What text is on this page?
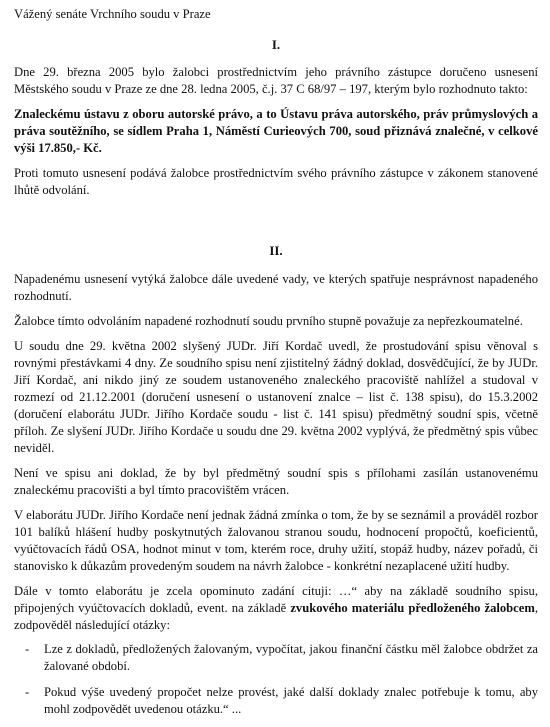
Vážený senáte Vrchního soudu v Praze

I.

Dne 29. března 2005 bylo žalobci prostřednictvím jeho právního zástupce doručeno usnesení Městského soudu v Praze ze dne 28. ledna 2005, č.j. 37 C 68/97 – 197, kterým bylo rozhodnuto takto:

Znaleckému ústavu z oboru autorské právo, a to Ústavu práva autorského, práv průmyslových a práva soutěžního, se sídlem Praha 1, Náměstí Curieových 700, soud přiznává znalečné, v celkové výši 17.850,- Kč.

Proti tomuto usnesení podává žalobce prostřednictvím svého právního zástupce v zákonem stanovené lhůtě odvolání.

II.

Napadenému usnesení vytýká žalobce dále uvedené vady, ve kterých spatřuje nesprávnost napadeného rozhodnutí.

Žalobce tímto odvoláním napadené rozhodnutí soudu prvního stupně považuje za nepřezkoumatelné.

U soudu dne 29. května 2002 slyšený JUDr. Jiří Kordač uvedl, že prostudování spisu věnoval s rovnými přestávkami 4 dny. Ze soudního spisu není zjistitelný žádný doklad, dosvědčující, že by JUDr. Jiří Kordač, ani nikdo jiný ze soudem ustanoveného znaleckého pracoviště nahlížel a studoval v rozmezí od 21.12.2001 (doručení usnesení o ustanovení znalce – list č. 138 spisu), do 15.3.2002 (doručení elaborátu JUDr. Jiřího Kordače soudu - list č. 141 spisu) předmětný soudní spis, včetně příloh. Ze slyšení JUDr. Jiřího Kordače u soudu dne 29. května 2002 vyplývá, že předmětný spis vůbec neviděl.

Není ve spisu ani doklad, že by byl předmětný soudní spis s přílohami zasílán ustanovenému znaleckému pracovišti a byl tímto pracovištěm vrácen.

V elaborátu JUDr. Jiřího Kordače není jednak žádná zmínka o tom, že by se seznámil a prováděl rozbor 101 balíků hlášení hudby poskytnutých žalovanou stranou soudu, hodnocení propočtů, koeficientů, vyúčtovacích řádů OSA, hodnot minut v tom, kterém roce, druhy užití, stopáž hudby, název pořadů, či stanovisko k důkazům provedeným soudem na návrh žalobce - konkrétní nezaplacené užití hudby.

Dále v tomto elaborátu je zcela opominuto zadání cituji: …“ aby na základě soudního spisu, připojených vyúčtovacích dokladů, event. na základě zvukového materiálu předloženého žalobcem, zodpověděl následující otázky:

- Lze z dokladů, předložených žalovaným, vypočítat, jakou finanční částku měl žalobce obdržet za žalované období.
- Pokud výše uvedený propočet nelze provést, jaké další doklady znalec potřebuje k tomu, aby mohl zodpovědět uvedenou otázku.“ ...
